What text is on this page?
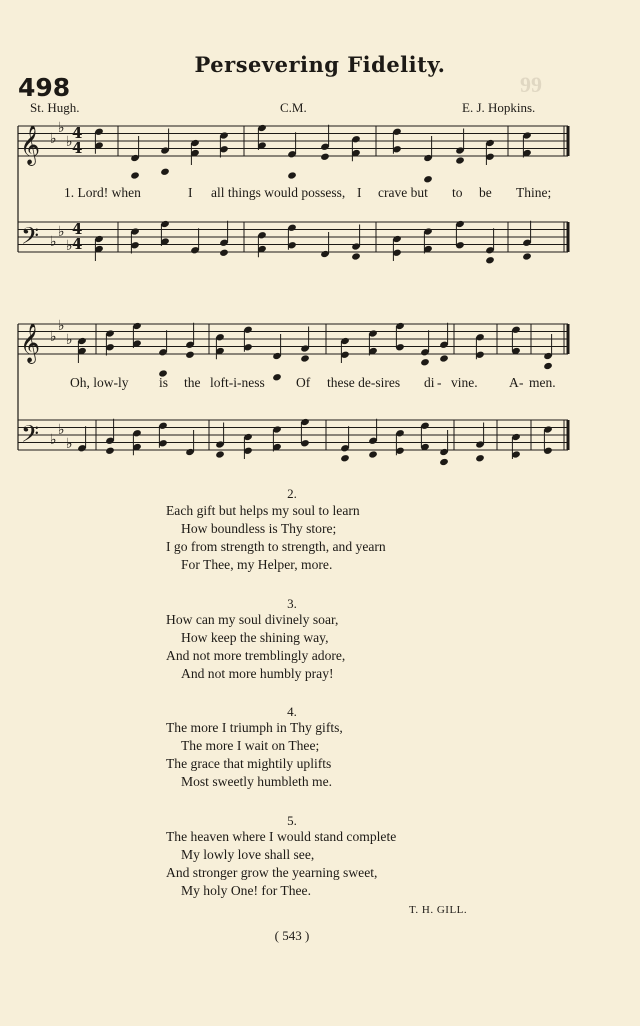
99
Persevering Fidelity.
498
St. Hugh.	C.M.	E. J. Hopkins.
𝄞
𝄢
♭
♭
♭
♭
♭
♭
4
4
4
4
1. Lord! when	I all things would possess, I crave but to be Thine;
𝄞
𝄢
♭
♭
♭
♭
♭
♭
Oh, low-ly is the loft-i-ness Of these de-sires di - vine. A - men.
2.
Each gift but helps my soul to learn
How boundless is Thy store;
I go from strength to strength, and yearn
For Thee, my Helper, more.
3.
How can my soul divinely soar,
How keep the shining way,
And not more tremblingly adore,
And not more humbly pray!
4.
The more I triumph in Thy gifts,
The more I wait on Thee;
The grace that mightily uplifts
Most sweetly humbleth me.
5.
The heaven where I would stand complete
My lowly love shall see,
And stronger grow the yearning sweet,
My holy One! for Thee.
T. H. GILL.
( 543 )
